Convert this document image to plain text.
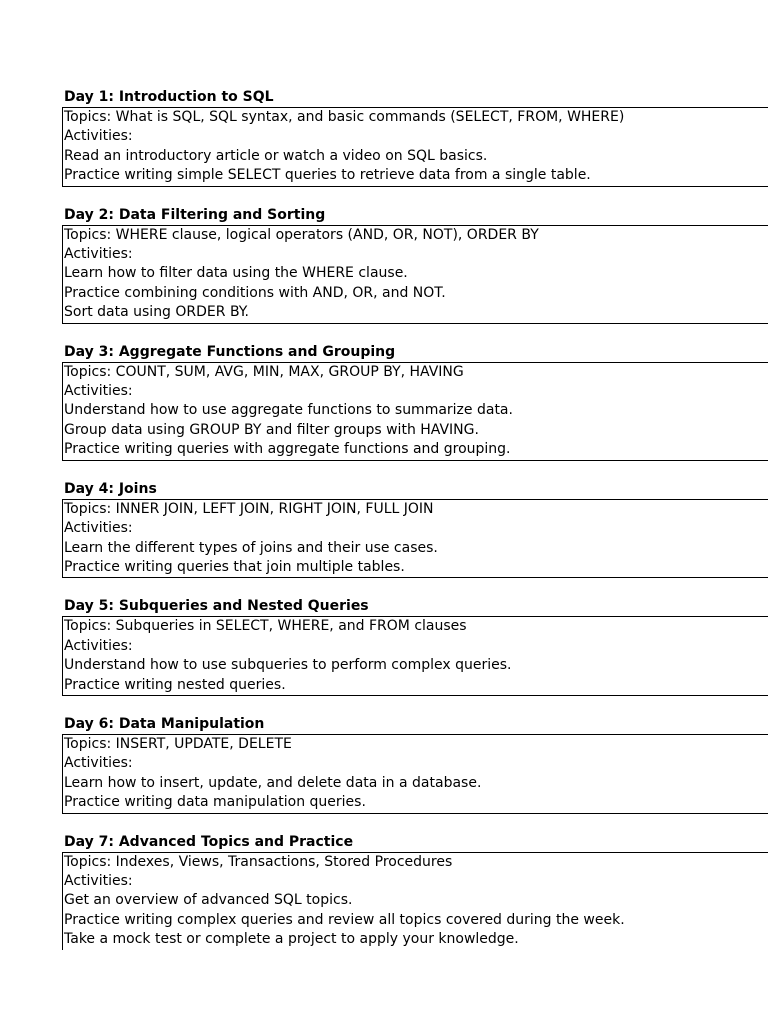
Day 1: Introduction to SQL
Topics: What is SQL, SQL syntax, and basic commands (SELECT, FROM, WHERE)
Activities:
Read an introductory article or watch a video on SQL basics.
Practice writing simple SELECT queries to retrieve data from a single table.
Day 2: Data Filtering and Sorting
Topics: WHERE clause, logical operators (AND, OR, NOT), ORDER BY
Activities:
Learn how to filter data using the WHERE clause.
Practice combining conditions with AND, OR, and NOT.
Sort data using ORDER BY.
Day 3: Aggregate Functions and Grouping
Topics: COUNT, SUM, AVG, MIN, MAX, GROUP BY, HAVING
Activities:
Understand how to use aggregate functions to summarize data.
Group data using GROUP BY and filter groups with HAVING.
Practice writing queries with aggregate functions and grouping.
Day 4: Joins
Topics: INNER JOIN, LEFT JOIN, RIGHT JOIN, FULL JOIN
Activities:
Learn the different types of joins and their use cases.
Practice writing queries that join multiple tables.
Day 5: Subqueries and Nested Queries
Topics: Subqueries in SELECT, WHERE, and FROM clauses
Activities:
Understand how to use subqueries to perform complex queries.
Practice writing nested queries.
Day 6: Data Manipulation
Topics: INSERT, UPDATE, DELETE
Activities:
Learn how to insert, update, and delete data in a database.
Practice writing data manipulation queries.
Day 7: Advanced Topics and Practice
Topics: Indexes, Views, Transactions, Stored Procedures
Activities:
Get an overview of advanced SQL topics.
Practice writing complex queries and review all topics covered during the week.
Take a mock test or complete a project to apply your knowledge.
